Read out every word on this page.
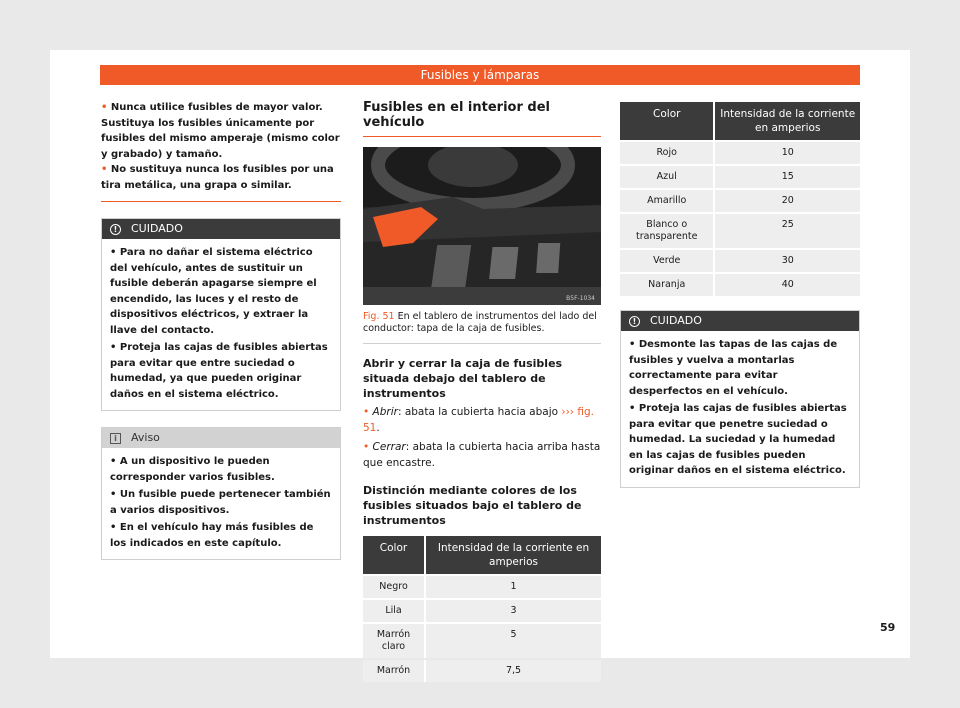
Fusibles y lámparas

• Nunca utilice fusibles de mayor valor. Sustituya los fusibles únicamente por fusibles del mismo amperaje (mismo color y grabado) y tamaño.

• No sustituya nunca los fusibles por una tira metálica, una grapa o similar.

!	CUIDADO

• Para no dañar el sistema eléctrico del vehículo, antes de sustituir un fusible deberán apagarse siempre el encendido, las luces y el resto de dispositivos eléctricos, y extraer la llave del contacto.

• Proteja las cajas de fusibles abiertas para evitar que entre suciedad o humedad, ya que pueden originar daños en el sistema eléctrico.

i	Aviso

• A un dispositivo le pueden corresponder varios fusibles.

• Un fusible puede pertenecer también a varios dispositivos.

• En el vehículo hay más fusibles de los indicados en este capítulo.

Fusibles en el interior del vehículo
B5F-1034
Fig. 51 En el tablero de instrumentos del lado del conductor: tapa de la caja de fusibles.
Abrir y cerrar la caja de fusibles situada debajo del tablero de instrumentos
• Abrir: abata la cubierta hacia abajo ››› fig. 51.
• Cerrar: abata la cubierta hacia arriba hasta que encastre.
Distinción mediante colores de los fusibles situados bajo el tablero de instrumentos
Color	Intensidad de la corriente en amperios
Negro	1
Lila	3
Marrón claro	5
Marrón	7,5
Color	Intensidad de la corriente en amperios
Rojo	10
Azul	15
Amarillo	20
Blanco o transparente	25
Verde	30
Naranja	40
!	CUIDADO

• Desmonte las tapas de las cajas de fusibles y vuelva a montarlas correctamente para evitar desperfectos en el vehículo.

• Proteja las cajas de fusibles abiertas para evitar que penetre suciedad o humedad. La suciedad y la humedad en las cajas de fusibles pueden originar daños en el sistema eléctrico.

59
